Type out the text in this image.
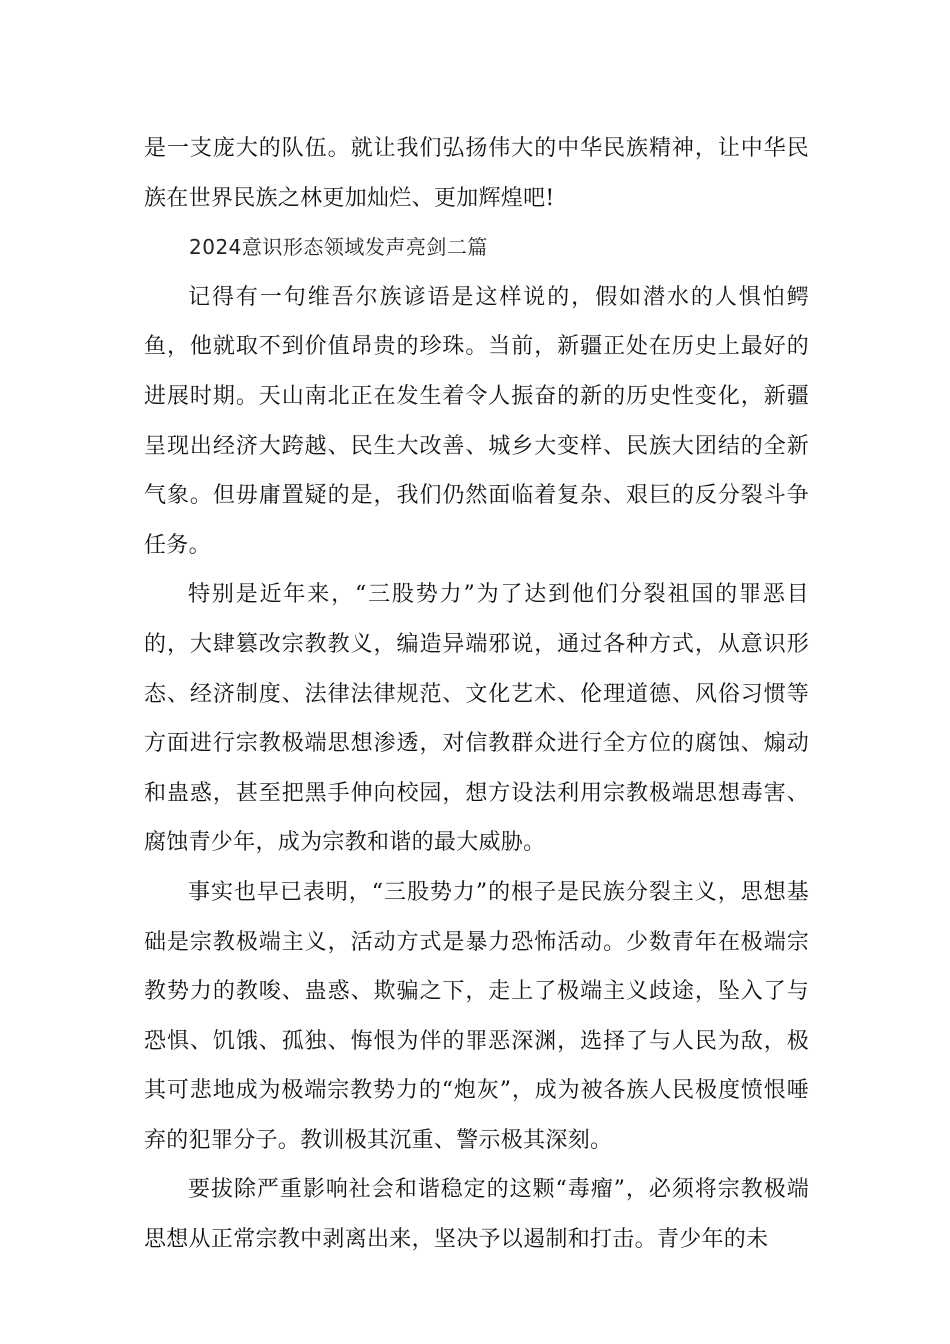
是一支庞大的队伍。就让我们弘扬伟大的中华民族精神，让中华民族在世界民族之林更加灿烂、更加辉煌吧!

2024意识形态领域发声亮剑二篇

记得有一句维吾尔族谚语是这样说的，假如潜水的人惧怕鳄鱼，他就取不到价值昂贵的珍珠。当前，新疆正处在历史上最好的进展时期。天山南北正在发生着令人振奋的新的历史性变化，新疆呈现出经济大跨越、民生大改善、城乡大变样、民族大团结的全新气象。但毋庸置疑的是，我们仍然面临着复杂、艰巨的反分裂斗争任务。

特别是近年来，“三股势力”为了达到他们分裂祖国的罪恶目的，大肆篡改宗教教义，编造异端邪说，通过各种方式，从意识形态、经济制度、法律法律规范、文化艺术、伦理道德、风俗习惯等方面进行宗教极端思想渗透，对信教群众进行全方位的腐蚀、煽动和蛊惑，甚至把黑手伸向校园，想方设法利用宗教极端思想毒害、腐蚀青少年，成为宗教和谐的最大威胁。

事实也早已表明，“三股势力”的根子是民族分裂主义，思想基础是宗教极端主义，活动方式是暴力恐怖活动。少数青年在极端宗教势力的教唆、蛊惑、欺骗之下，走上了极端主义歧途，坠入了与恐惧、饥饿、孤独、悔恨为伴的罪恶深渊，选择了与人民为敌，极其可悲地成为极端宗教势力的“炮灰”，成为被各族人民极度愤恨唾弃的犯罪分子。教训极其沉重、警示极其深刻。

要拔除严重影响社会和谐稳定的这颗“毒瘤”，必须将宗教极端思想从正常宗教中剥离出来，坚决予以遏制和打击。青少年的未
